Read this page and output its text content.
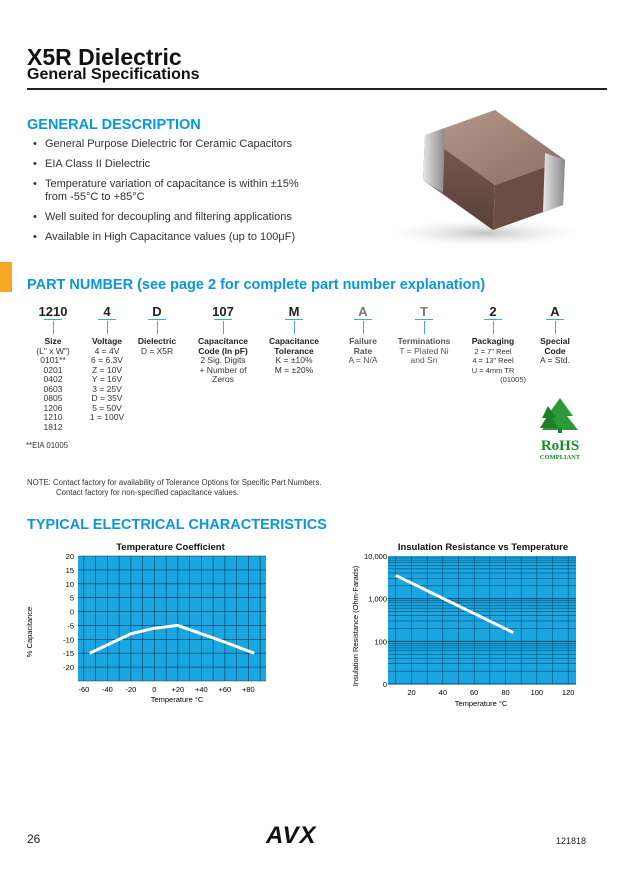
X5R Dielectric
General Specifications
GENERAL DESCRIPTION
• General Purpose Dielectric for Ceramic Capacitors
• EIA Class II Dielectric
• Temperature variation of capacitance is within ±15% from -55°C to +85°C
• Well suited for decoupling and filtering applications
• Available in High Capacitance values (up to 100μF)
PART NUMBER (see page 2 for complete part number explanation)
1210
Size
(L" x W")
0101**
0201
0402
0603
0805
1206
1210
1812
4
Voltage
4 = 4V
6 = 6.3V
Z = 10V
Y = 16V
3 = 25V
D = 35V
5 = 50V
1 = 100V
D
Dielectric
D = X5R
107
Capacitance Code (In pF)
2 Sig. Digits
+ Number of
Zeros
M
Capacitance Tolerance
K = ±10%
M = ±20%
A
Failure Rate
A = N/A
T
Terminations
T = Plated Ni
and Sn
2
Packaging
2 = 7" Reel
4 = 13" Reel
U = 4mm TR
(01005)
A
Special Code
A = Std.
**EIA 01005	RoHS
COMPLIANT
NOTE: Contact factory for availability of Tolerance Options for Specific Part Numbers.
Contact factory for non-specified capacitance values.
TYPICAL ELECTRICAL CHARACTERISTICS
Temperature Coefficient
-60 -40 -20 0 +20 +40 +60 +80
20
15
10
5
0
-5
-10
-15
-20
% Capacitance
Temperature °C
Insulation Resistance vs Temperature
20	40	60	80	100	120
10,000
1,000
100
0
Insulation Resistance (Ohm-Farads)
Temperature °C
26	AVX	121818
